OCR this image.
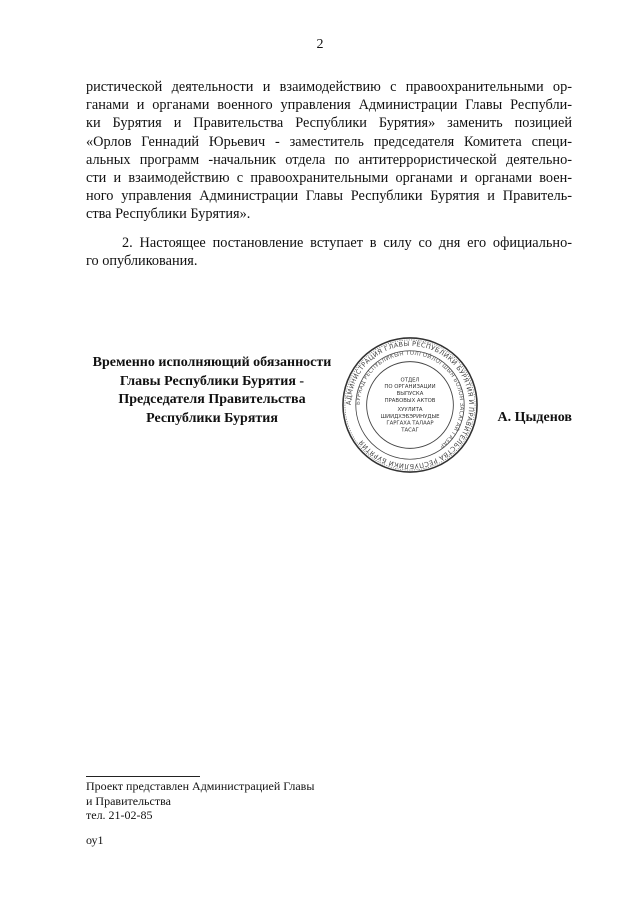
2
ристической деятельности и взаимодействию с правоохранительными ор-
ганами и органами военного управления Администрации Главы Республи-
ки Бурятия и Правительства Республики Бурятия» заменить позицией
«Орлов Геннадий Юрьевич - заместитель председателя Комитета специ-
альных программ -начальник отдела по антитеррористической деятельно-
сти и взаимодействию с правоохранительными органами и органами воен-
ного управления Администрации Главы Республики Бурятия и Правитель-
ства Республики Бурятия».
2. Настоящее постановление вступает в силу со дня его официально-
го опубликования.
Временно исполняющий обязанности
Главы Республики Бурятия -
Председателя Правительства
Республики Бурятия
АДМИНИСТРАЦИЯ ГЛАВЫ РЕСПУБЛИКИ БУРЯТИЯ И ПРАВИТЕЛЬСТВА РЕСПУБЛИКИ БУРЯТИЯ
БУРЯАД РЕСПУБЛИКЫН ТОЛГОЙЛОГШЫН БОЛОН ЗАСАГАЙ ГАЗАР
ОТДЕЛ
ПО ОРГАНИЗАЦИИ
ВЫПУСКА
ПРАВОВЫХ АКТОВ
ХУУЛИТА
ШИИДХЭБЭРИНУДЫЕ
ГАРГАХА ТАЛААР
ТАСАГ
А. Цыденов
Проект представлен Администрацией Главы
и Правительства
тел. 21-02-85
оу1
